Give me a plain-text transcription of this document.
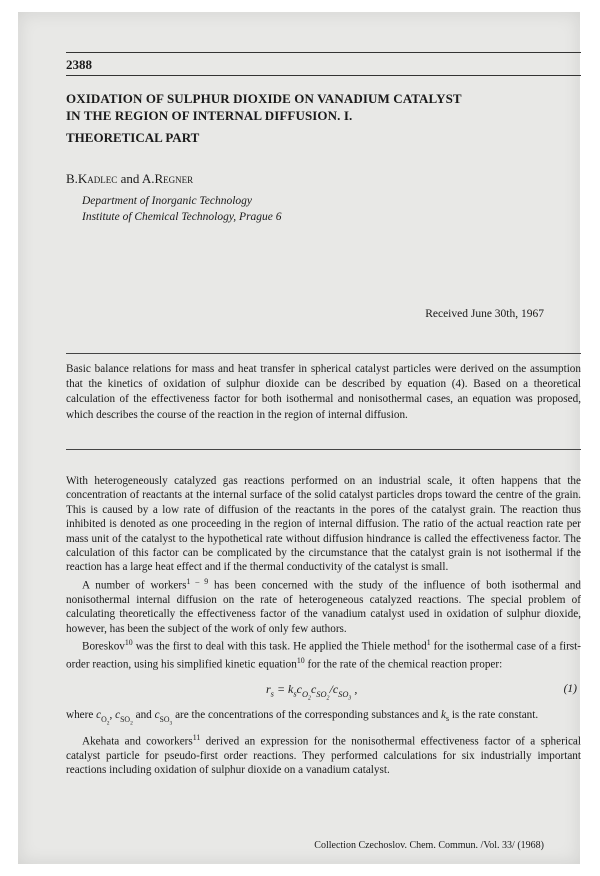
2388
OXIDATION OF SULPHUR DIOXIDE ON VANADIUM CATALYST
IN THE REGION OF INTERNAL DIFFUSION. I.
THEORETICAL PART
B.Kadlec and A.Regner
Department of Inorganic Technology
Institute of Chemical Technology, Prague 6
Received June 30th, 1967
Basic balance relations for mass and heat transfer in spherical catalyst particles were derived on the assumption that the kinetics of oxidation of sulphur dioxide can be described by equation (4). Based on a theoretical calculation of the effectiveness factor for both isothermal and nonisothermal cases, an equation was proposed, which describes the course of the reaction in the region of internal diffusion.

With heterogeneously catalyzed gas reactions performed on an industrial scale, it often happens that the concentration of reactants at the internal surface of the solid catalyst particles drops toward the centre of the grain. This is caused by a low rate of diffusion of the reactants in the pores of the catalyst grain. The reaction thus inhibited is denoted as one proceeding in the region of internal diffusion. The ratio of the actual reaction rate per mass unit of the catalyst to the hypothetical rate without diffusion hindrance is called the effectiveness factor. The calculation of this factor can be complicated by the circumstance that the catalyst grain is not isothermal if the reaction has a large heat effect and if the thermal conductivity of the catalyst is small.

A number of workers$^{1 - 9}$ has been concerned with the study of the influence of both isothermal and nonisothermal internal diffusion on the rate of heterogeneous catalyzed reactions. The special problem of calculating theoretically the effectiveness factor of the vanadium catalyst used in oxidation of sulphur dioxide, however, has been the subject of the work of only few authors.

Boreskov$^{10}$ was the first to deal with this task. He applied the Thiele method$^1$ for the isothermal case of a first-order reaction, using his simplified kinetic equation$^{10}$ for the rate of the chemical reaction proper:

$r_s = k_sc_{O_2}c_{SO_2}/c_{SO_3}$ ,	(1)

where $c_{O_2}$, $c_{SO_2}$ and $c_{SO_3}$ are the concentrations of the corresponding substances and $k_s$ is the rate constant.

Akehata and coworkers$^{11}$ derived an expression for the nonisothermal effectiveness factor of a spherical catalyst particle for pseudo-first order reactions. They performed calculations for six industrially important reactions including oxidation of sulphur dioxide on a vanadium catalyst.

Collection Czechoslov. Chem. Commun. /Vol. 33/ (1968)
